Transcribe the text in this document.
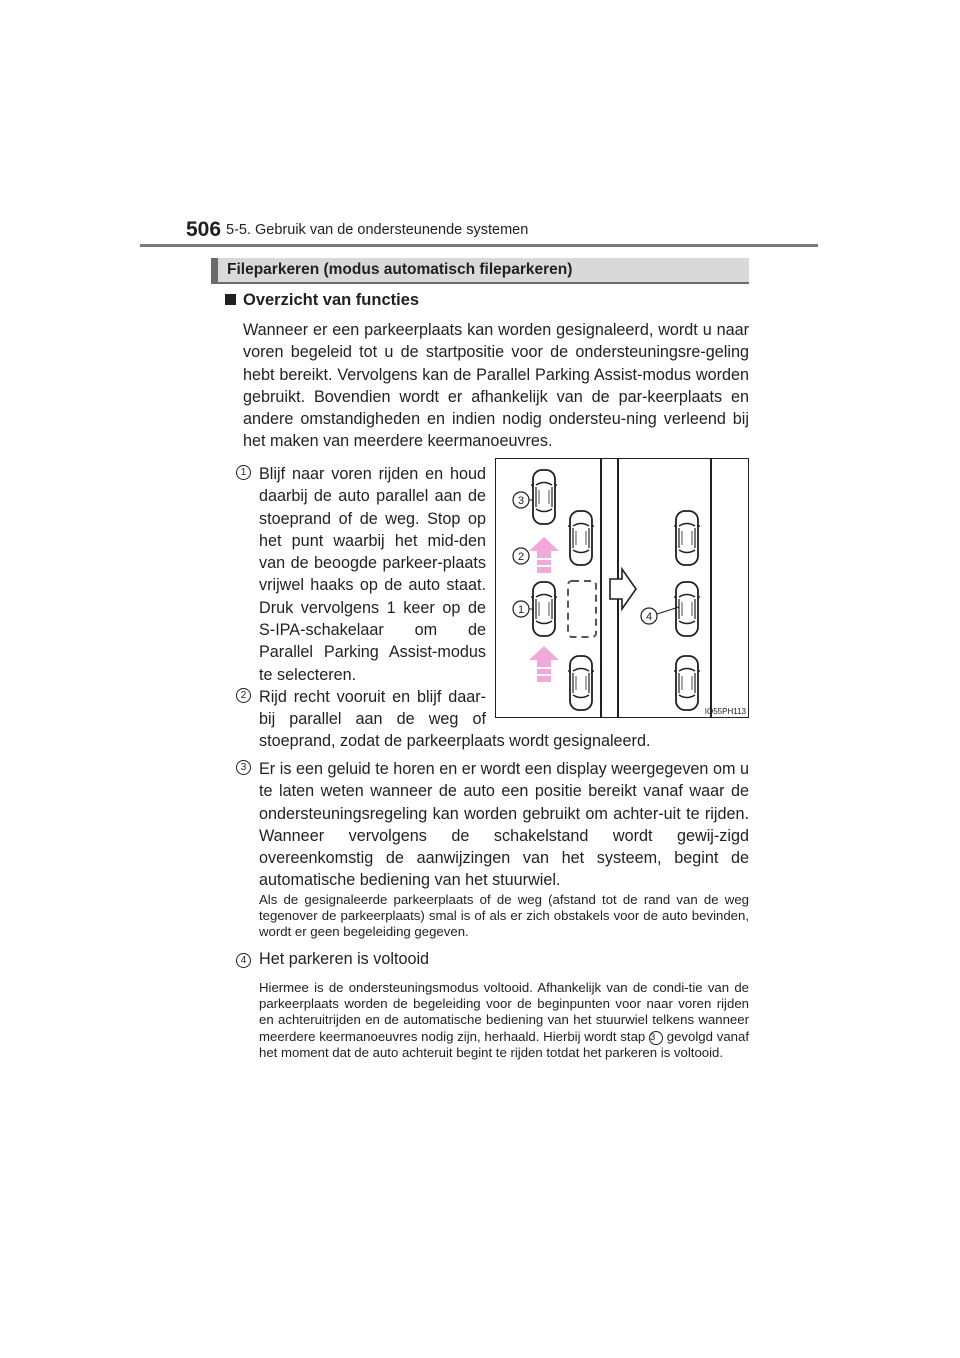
506 5-5. Gebruik van de ondersteunende systemen
Fileparkeren (modus automatisch fileparkeren)
Overzicht van functies
Wanneer er een parkeerplaats kan worden gesignaleerd, wordt u naar voren begeleid tot u de startpositie voor de ondersteuningsre-geling hebt bereikt. Vervolgens kan de Parallel Parking Assist-modus worden gebruikt. Bovendien wordt er afhankelijk van de par-keerplaats en andere omstandigheden en indien nodig ondersteu-ning verleend bij het maken van meerdere keermanoeuvres.
1 Blijf naar voren rijden en houd daarbij de auto parallel aan de stoeprand of de weg. Stop op het punt waarbij het mid-den van de beoogde parkeer-plaats vrijwel haaks op de auto staat. Druk vervolgens 1 keer op de S-IPA-schakelaar om de Parallel Parking Assist-modus te selecteren.
2 Rijd recht vooruit en blijf daar-bij parallel aan de weg of
stoeprand, zodat de parkeerplaats wordt gesignaleerd.
3 Er is een geluid te horen en er wordt een display weergegeven om u te laten weten wanneer de auto een positie bereikt vanaf waar de ondersteuningsregeling kan worden gebruikt om achter-uit te rijden. Wanneer vervolgens de schakelstand wordt gewij-zigd overeenkomstig de aanwijzingen van het systeem, begint de automatische bediening van het stuurwiel.
Als de gesignaleerde parkeerplaats of de weg (afstand tot de rand van de weg tegenover de parkeerplaats) smal is of als er zich obstakels voor de auto bevinden, wordt er geen begeleiding gegeven.
4 Het parkeren is voltooid
Hiermee is de ondersteuningsmodus voltooid. Afhankelijk van de condi-tie van de parkeerplaats worden de begeleiding voor de beginpunten voor naar voren rijden en achteruitrijden en de automatische bediening van het stuurwiel telkens wanneer meerdere keermanoeuvres nodig zijn, herhaald. Hierbij wordt stap 3 gevolgd vanaf het moment dat de auto achteruit begint te rijden totdat het parkeren is voltooid.
3
2
1
4
IO55PH113
